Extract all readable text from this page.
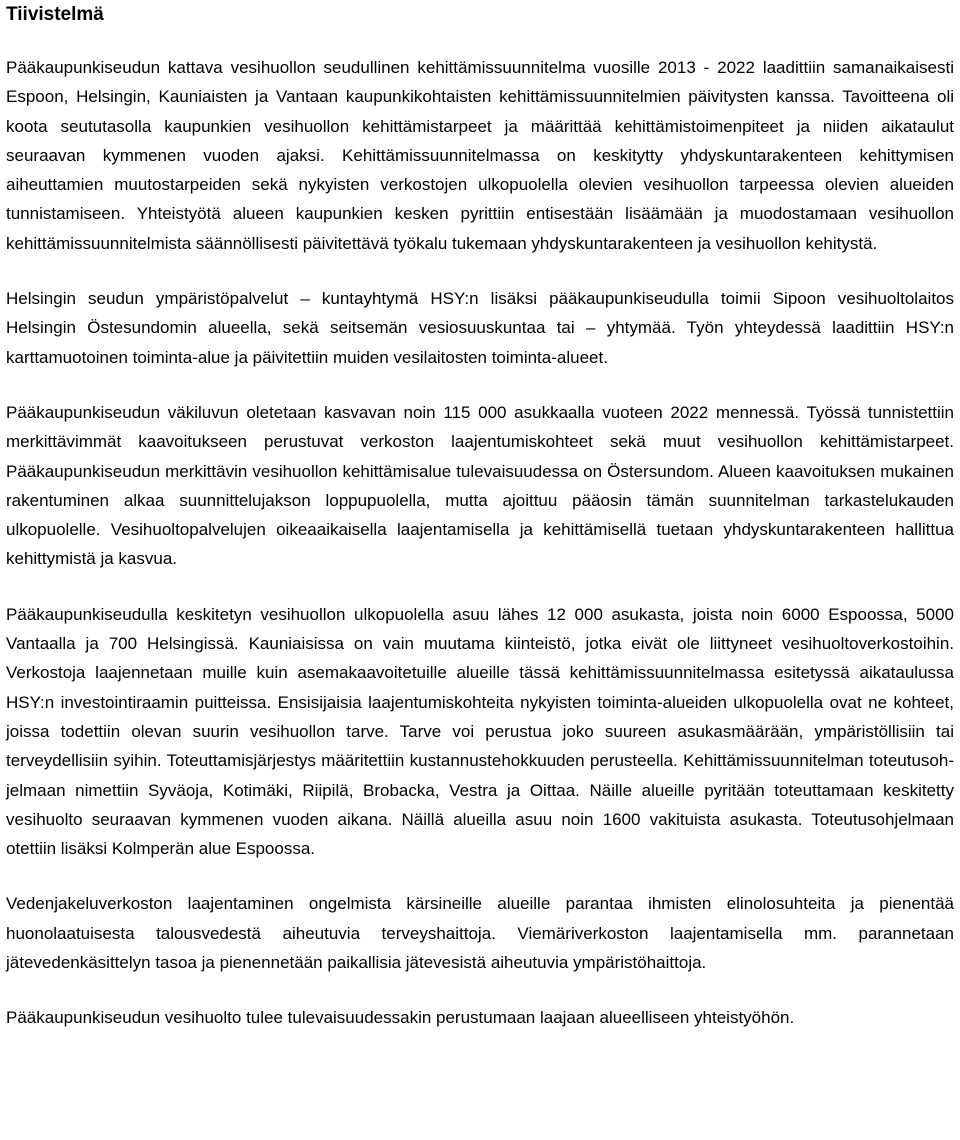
Tiivistelmä

Pääkaupunkiseudun kattava vesihuollon seudullinen kehittämissuunnitelma vuosille 2013 - 2022 laadittiin samanaikaisesti Espoon, Helsingin, Kauniaisten ja Vantaan kaupunkikohtaisten kehittämissuunnitelmien päivitysten kanssa. Tavoitteena oli koota seututasolla kaupunkien vesihuollon kehittämistarpeet ja määrittää kehittämistoimenpiteet ja niiden aikataulut seuraavan kymmenen vuoden ajaksi. Kehittämissuunnitelmassa on keskitytty yhdyskuntarakenteen kehittymisen aiheuttamien muutostarpeiden sekä nykyisten verkostojen ulkopuolella olevien vesihuollon tarpeessa olevien alueiden tunnistamiseen. Yhteistyötä alueen kaupunkien kesken pyrittiin entisestään lisäämään ja muodostamaan vesihuollon kehittämissuunnitelmista säännöllisesti päivitettävä työkalu tukemaan yhdyskuntarakenteen ja vesihuollon kehitystä.

Helsingin seudun ympäristöpalvelut – kuntayhtymä HSY:n lisäksi pääkaupunkiseudulla toimii Sipoon vesihuoltolaitos Helsingin Östesundomin alueella, sekä seitsemän vesiosuuskuntaa tai – yhtymää. Työn yhteydessä laadittiin HSY:n karttamuotoinen toiminta-alue ja päivitettiin muiden vesilaitosten toiminta-alueet.

Pääkaupunkiseudun väkiluvun oletetaan kasvavan noin 115 000 asukkaalla vuoteen 2022 mennessä. Työssä tunnistettiin merkittävimmät kaavoitukseen perustuvat verkoston laajentumiskohteet sekä muut vesihuollon kehittämistarpeet. Pääkaupunkiseudun merkittävin vesihuollon kehittämisalue tulevaisuudessa on Östersundom. Alueen kaavoituksen mukainen rakentuminen alkaa suunnittelujakson loppupuolella, mutta ajoittuu pääosin tämän suunnitelman tarkastelukauden ulkopuolelle. Vesihuoltopalvelujen oikeaaikaisella laajentamisella ja kehittämisellä tuetaan yhdyskuntarakenteen hallittua kehittymistä ja kasvua.

Pääkaupunkiseudulla keskitetyn vesihuollon ulkopuolella asuu lähes 12 000 asukasta, joista noin 6000 Espoossa, 5000 Vantaalla ja 700 Helsingissä. Kauniaisissa on vain muutama kiinteistö, jotka eivät ole liittyneet vesihuoltoverkostoihin. Verkostoja laajennetaan muille kuin asemakaavoitetuille alueille tässä kehittämissuunnitelmassa esitetyssä aikataulussa HSY:n investointiraamin puitteissa. Ensisijaisia laajentumiskohteita nykyisten toiminta-alueiden ulkopuolella ovat ne kohteet, joissa todettiin olevan suurin vesihuollon tarve. Tarve voi perustua joko suureen asukasmäärään, ympäristöllisiin tai terveydellisiin syihin. Toteuttamisjärjestys määritettiin kustannustehokkuuden perusteella. Kehittämissuunnitelman toteutusohjelmaan nimettiin Syväoja, Kotimäki, Riipilä, Brobacka, Vestra ja Oittaa. Näille alueille pyritään toteuttamaan keskitetty vesihuolto seuraavan kymmenen vuoden aikana. Näillä alueilla asuu noin 1600 vakituista asukasta. Toteutusohjelmaan otettiin lisäksi Kolmperän alue Espoossa.

Vedenjakeluverkoston laajentaminen ongelmista kärsineille alueille parantaa ihmisten elinolosuhteita ja pienentää huonolaatuisesta talousvedestä aiheutuvia terveyshaittoja. Viemäriverkoston laajentamisella mm. parannetaan jätevedenkäsittelyn tasoa ja pienennetään paikallisia jätevesistä aiheutuvia ympäristöhaittoja.

Pääkaupunkiseudun vesihuolto tulee tulevaisuudessakin perustumaan laajaan alueelliseen yhteistyöhön.
